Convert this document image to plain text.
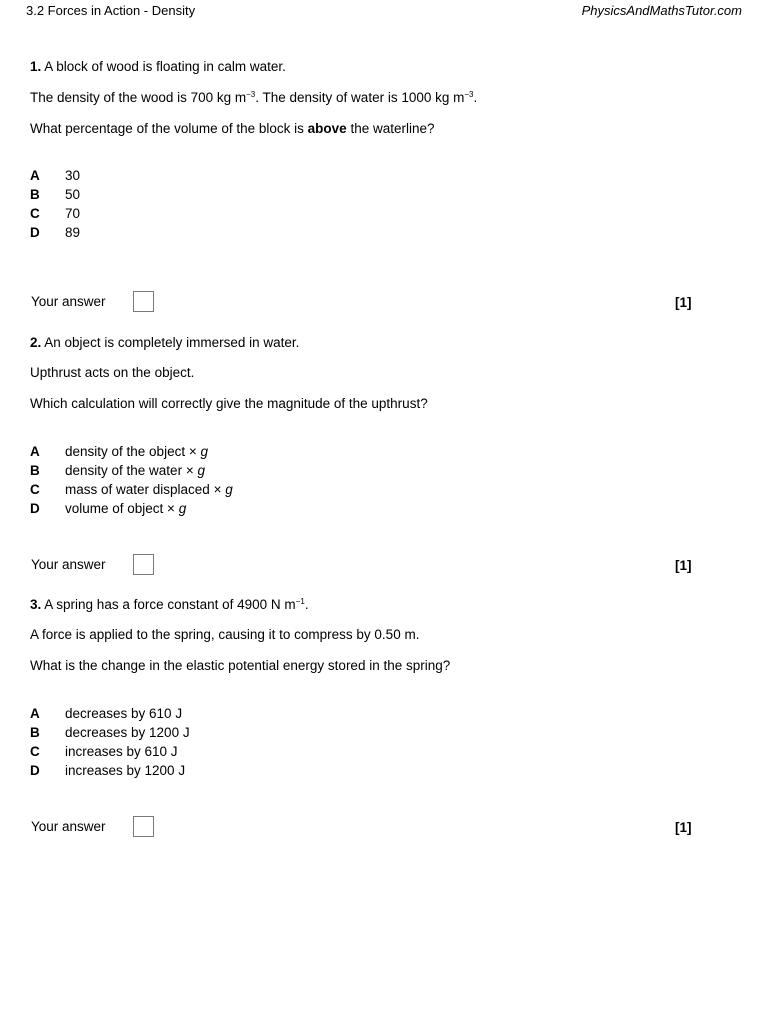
3.2 Forces in Action - Density	PhysicsAndMathsTutor.com
1. A block of wood is floating in calm water.
The density of the wood is 700 kg $m^{-3}$. The density of water is 1000 kg $m^{-3}$.
What percentage of the volume of the block is above the waterline?
A	30
B	50
C	70
D	89
Your answer	[1]
2. An object is completely immersed in water.
Upthrust acts on the object.
Which calculation will correctly give the magnitude of the upthrust?
A	density of the object × g
B	density of the water × g
C	mass of water displaced × g
D	volume of object × g
Your answer	[1]
3. A spring has a force constant of 4900 N $m^{-1}$.
A force is applied to the spring, causing it to compress by 0.50 m.
What is the change in the elastic potential energy stored in the spring?
A	decreases by 610 J
B	decreases by 1200 J
C	increases by 610 J
D	increases by 1200 J
Your answer	[1]
